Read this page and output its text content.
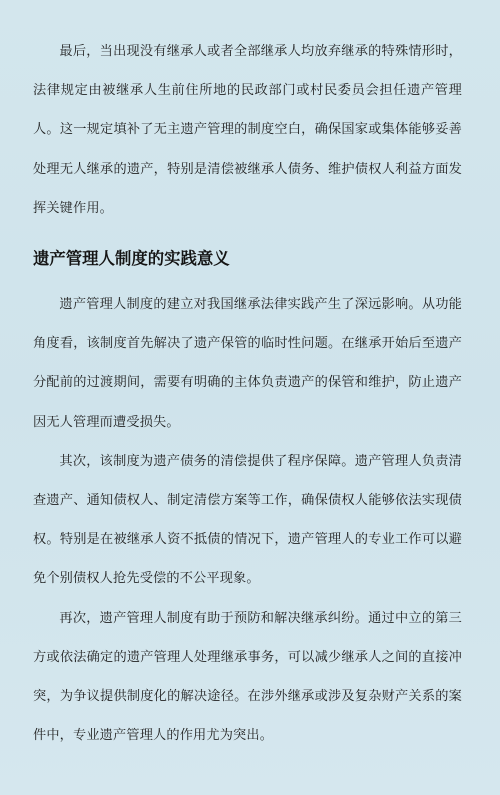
最后，当出现没有继承人或者全部继承人均放弃继承的特殊情形时，法律规定由被继承人生前住所地的民政部门或村民委员会担任遗产管理人。这一规定填补了无主遗产管理的制度空白，确保国家或集体能够妥善处理无人继承的遗产，特别是清偿被继承人债务、维护债权人利益方面发挥关键作用。

遗产管理人制度的实践意义

遗产管理人制度的建立对我国继承法律实践产生了深远影响。从功能角度看，该制度首先解决了遗产保管的临时性问题。在继承开始后至遗产分配前的过渡期间，需要有明确的主体负责遗产的保管和维护，防止遗产因无人管理而遭受损失。

其次，该制度为遗产债务的清偿提供了程序保障。遗产管理人负责清查遗产、通知债权人、制定清偿方案等工作，确保债权人能够依法实现债权。特别是在被继承人资不抵债的情况下，遗产管理人的专业工作可以避免个别债权人抢先受偿的不公平现象。

再次，遗产管理人制度有助于预防和解决继承纠纷。通过中立的第三方或依法确定的遗产管理人处理继承事务，可以减少继承人之间的直接冲突，为争议提供制度化的解决途径。在涉外继承或涉及复杂财产关系的案件中，专业遗产管理人的作用尤为突出。
